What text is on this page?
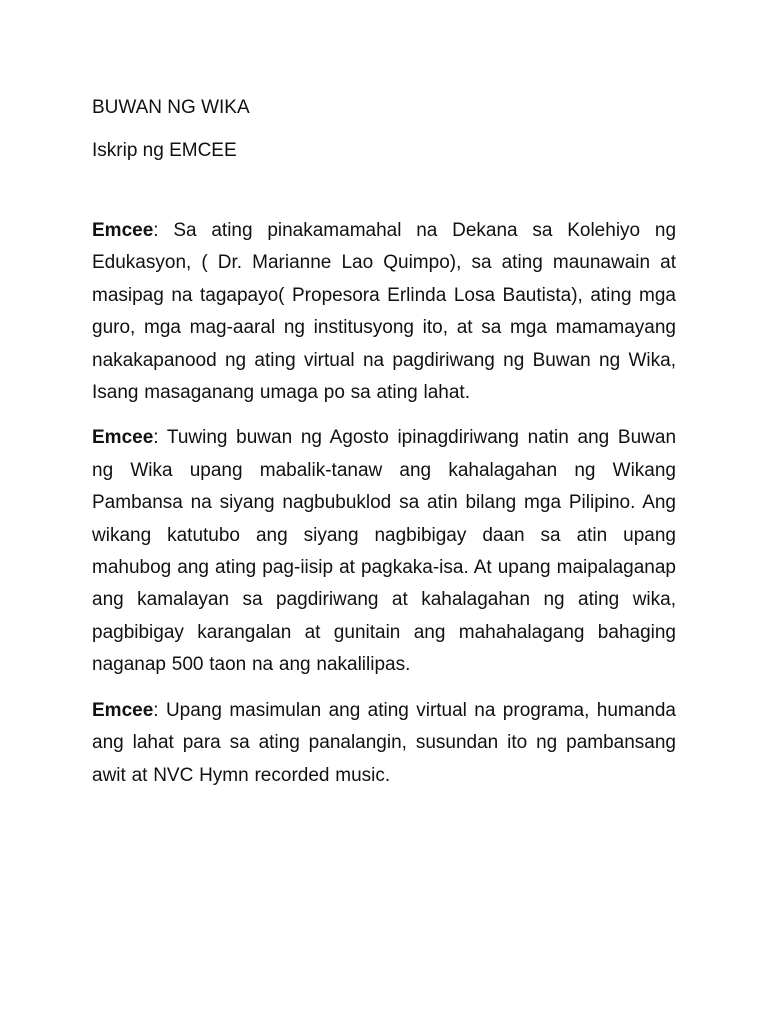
BUWAN NG WIKA

Iskrip ng EMCEE

Emcee: Sa ating pinakamamahal na Dekana sa Kolehiyo ng Edukasyon, ( Dr. Marianne Lao Quimpo), sa ating maunawain at masipag na tagapayo( Propesora Erlinda Losa Bautista), ating mga guro, mga mag-aaral ng institusyong ito, at sa mga mamamayang nakakapanood ng ating virtual na pagdiriwang ng Buwan ng Wika, Isang masaganang umaga po sa ating lahat.

Emcee: Tuwing buwan ng Agosto ipinagdiriwang natin ang Buwan ng Wika upang mabalik-tanaw ang kahalagahan ng Wikang Pambansa na siyang nagbubuklod sa atin bilang mga Pilipino. Ang wikang katutubo ang siyang nagbibigay daan sa atin upang mahubog ang ating pag-iisip at pagkaka-isa. At upang maipalaganap ang kamalayan sa pagdiriwang at kahalagahan ng ating wika, pagbibigay karangalan at gunitain ang mahahalagang bahaging naganap 500 taon na ang nakalilipas.

Emcee: Upang masimulan ang ating virtual na programa, humanda ang lahat para sa ating panalangin, susundan ito ng pambansang awit at NVC Hymn recorded music.
